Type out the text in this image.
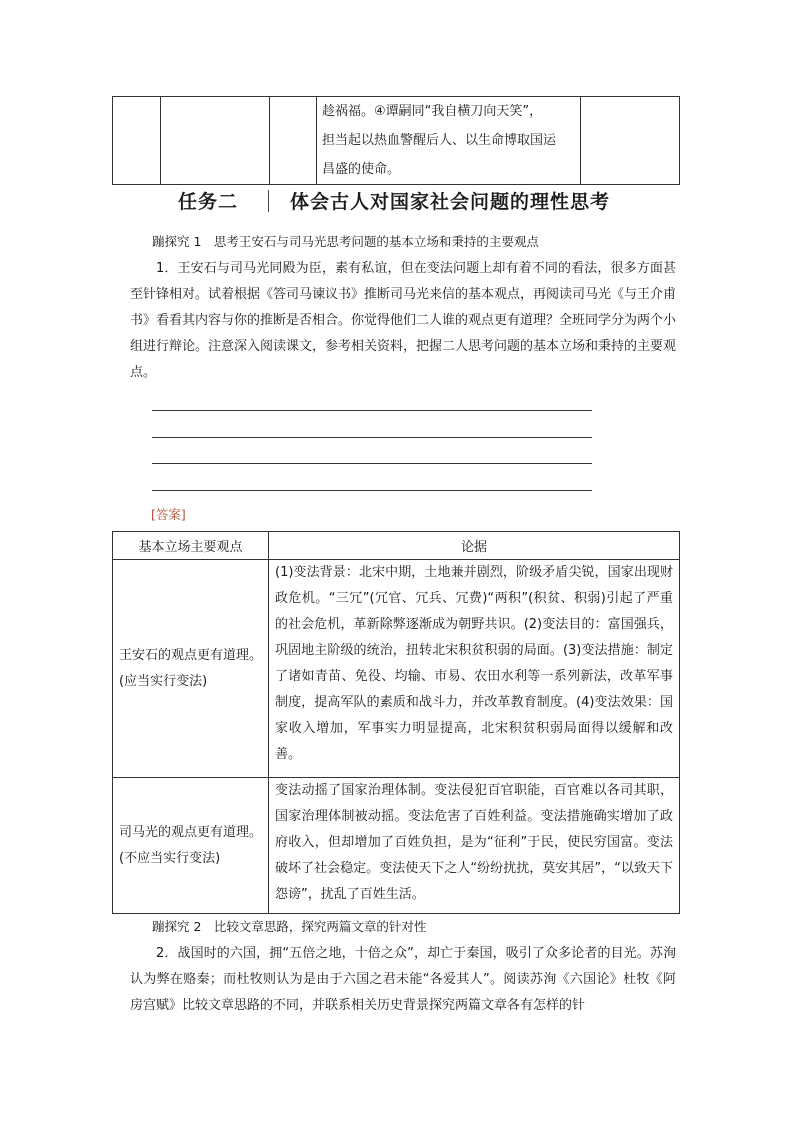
趁祸福。④谭嗣同“我自横刀向天笑”，
担当起以热血警醒后人、以生命博取国运
昌盛的使命。

任务二	体会古人对国家社会问题的理性思考
蹦探究 1　思考王安石与司马光思考问题的基本立场和秉持的主要观点
1．王安石与司马光同殿为臣，素有私谊，但在变法问题上却有着不同的看法，很多方面甚至针锋相对。试着根据《答司马谏议书》推断司马光来信的基本观点，再阅读司马光《与王介甫书》看看其内容与你的推断是否相合。你觉得他们二人谁的观点更有道理？全班同学分为两个小组进行辩论。注意深入阅读课文，参考相关资料，把握二人思考问题的基本立场和秉持的主要观点。
[答案]
基本立场主要观点	论据
王安石的观点更有道理。(应当实行变法)	(1)变法背景：北宋中期，土地兼并剧烈，阶级矛盾尖锐，国家出现财政危机。“三冗”(冗官、冗兵、冗费)“两积”(积贫、积弱)引起了严重的社会危机，革新除弊逐渐成为朝野共识。(2)变法目的：富国强兵，巩固地主阶级的统治，扭转北宋积贫积弱的局面。(3)变法措施：制定了诸如青苗、免役、均输、市易、农田水利等一系列新法，改革军事制度，提高军队的素质和战斗力，并改革教育制度。(4)变法效果：国家收入增加，军事实力明显提高，北宋积贫积弱局面得以缓解和改善。
司马光的观点更有道理。(不应当实行变法)	变法动摇了国家治理体制。变法侵犯百官职能，百官难以各司其职，国家治理体制被动摇。变法危害了百姓利益。变法措施确实增加了政府收入，但却增加了百姓负担，是为“征利”于民，使民穷国富。变法破坏了社会稳定。变法使天下之人“纷纷扰扰，莫安其居”，“以致天下怨谤”，扰乱了百姓生活。
蹦探究 2　比较文章思路，探究两篇文章的针对性
2．战国时的六国，拥“五倍之地，十倍之众”，却亡于秦国，吸引了众多论者的目光。苏洵认为弊在赂秦；而杜牧则认为是由于六国之君未能“各爱其人”。阅读苏洵《六国论》杜牧《阿房宫赋》比较文章思路的不同，并联系相关历史背景探究两篇文章各有怎样的针
